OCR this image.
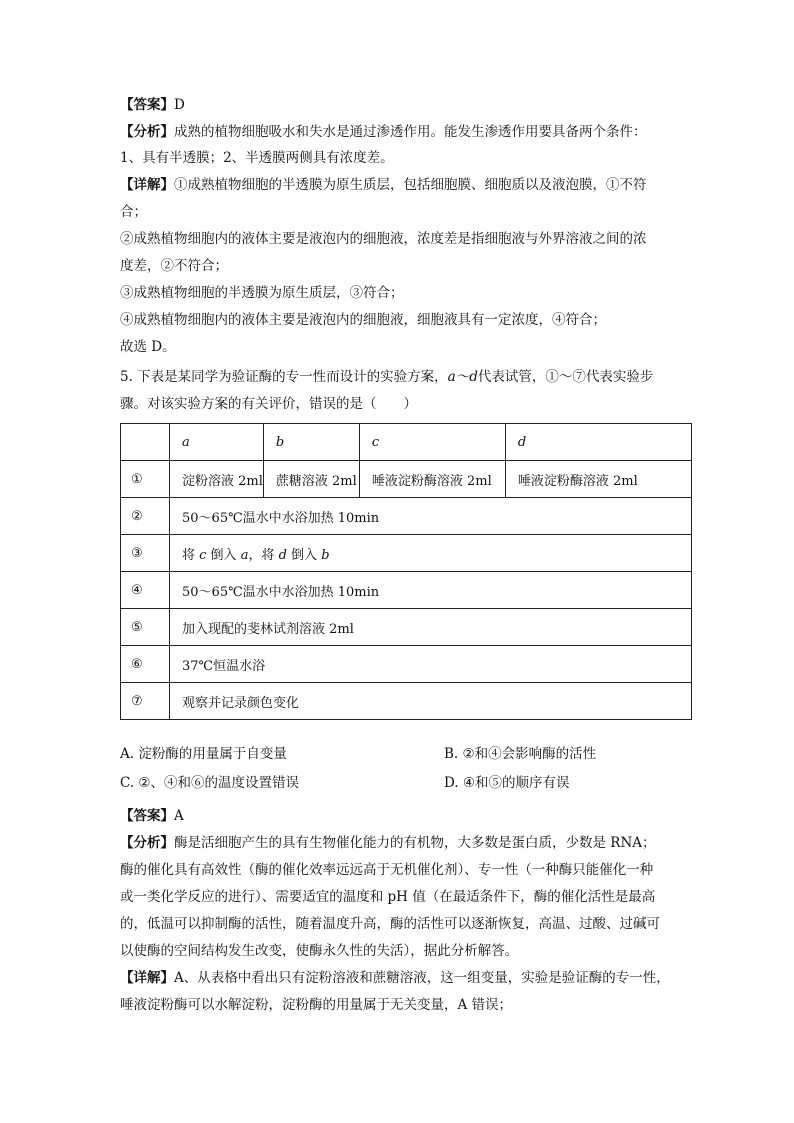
【答案】D
【分析】成熟的植物细胞吸水和失水是通过渗透作用。能发生渗透作用要具备两个条件：
1、具有半透膜；2、半透膜两侧具有浓度差。
【详解】①成熟植物细胞的半透膜为原生质层，包括细胞膜、细胞质以及液泡膜，①不符
合；
②成熟植物细胞内的液体主要是液泡内的细胞液，浓度差是指细胞液与外界溶液之间的浓
度差，②不符合；
③成熟植物细胞的半透膜为原生质层，③符合；
④成熟植物细胞内的液体主要是液泡内的细胞液，细胞液具有一定浓度，④符合；
故选 D。
5. 下表是某同学为验证酶的专一性而设计的实验方案，a～d代表试管，①～⑦代表实验步
骤。对该实验方案的有关评价，错误的是（　　）
	a	b	c	d
①	淀粉溶液 2ml	蔗糖溶液 2ml	唾液淀粉酶溶液 2ml	唾液淀粉酶溶液 2ml
②	50～65℃温水中水浴加热 10min			
③	将 c 倒入 a，将 d 倒入 b			
④	50～65℃温水中水浴加热 10min			
⑤	加入现配的斐林试剂溶液 2ml			
⑥	37℃恒温水浴			
⑦	观察并记录颜色变化			
A. 淀粉酶的用量属于自变量	B. ②和④会影响酶的活性
C. ②、④和⑥的温度设置错误	D. ④和⑤的顺序有误
【答案】A
【分析】酶是活细胞产生的具有生物催化能力的有机物，大多数是蛋白质，少数是 RNA；
酶的催化具有高效性（酶的催化效率远远高于无机催化剂）、专一性（一种酶只能催化一种
或一类化学反应的进行）、需要适宜的温度和 pH 值（在最适条件下，酶的催化活性是最高
的，低温可以抑制酶的活性，随着温度升高，酶的活性可以逐渐恢复，高温、过酸、过碱可
以使酶的空间结构发生改变，使酶永久性的失活），据此分析解答。
【详解】A、从表格中看出只有淀粉溶液和蔗糖溶液，这一组变量，实验是验证酶的专一性，
唾液淀粉酶可以水解淀粉，淀粉酶的用量属于无关变量，A 错误；
